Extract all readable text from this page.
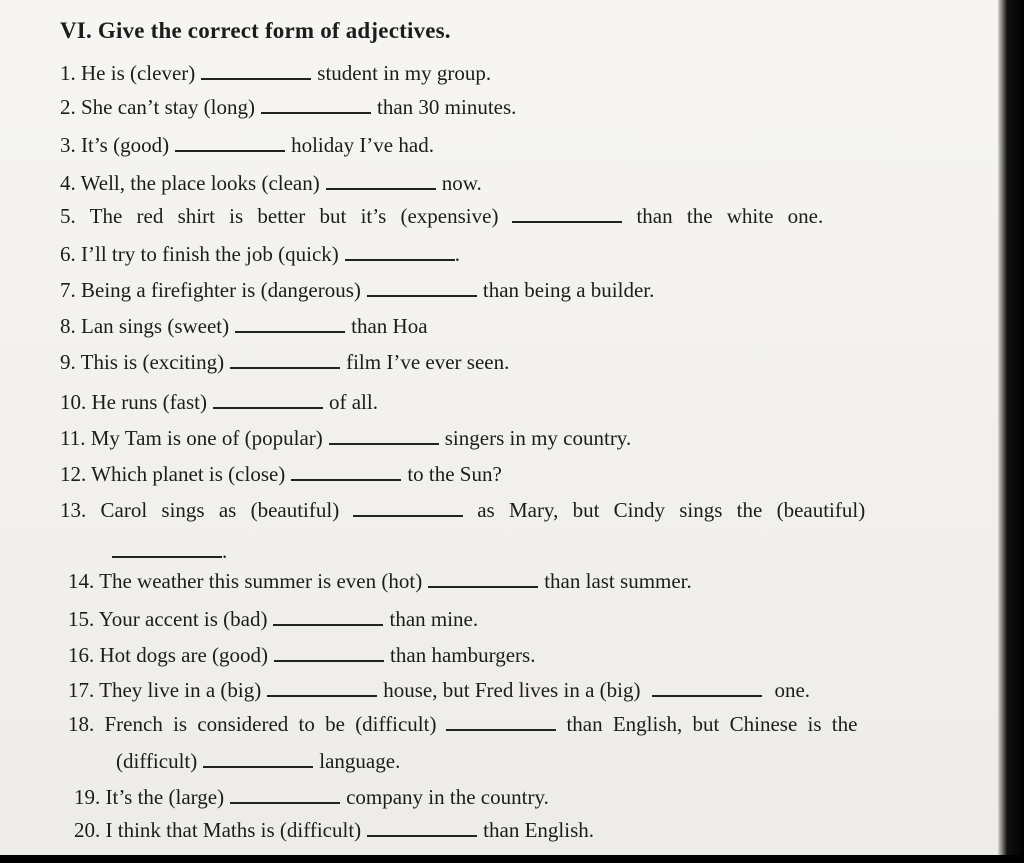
VI. Give the correct form of adjectives.
1. He is (clever)	student in my group.
2. She can’t stay (long)	than 30 minutes.
3. It’s (good)	holiday I’ve had.
4. Well, the place looks (clean)	now.
5. The red shirt is better but it’s (expensive)	than the white one.
6. I’ll try to finish the job (quick)	.
7. Being a firefighter is (dangerous)	than being a builder.
8. Lan sings (sweet)	than Hoa
9. This is (exciting)	film I’ve ever seen.
10. He runs (fast)	of all.
11. My Tam is one of (popular)	singers in my country.
12. Which planet is (close)	to the Sun?
13. Carol sings as (beautiful)	as Mary, but Cindy sings the (beautiful)
.
14. The weather this summer is even (hot)	than last summer.
15. Your accent is (bad)	than mine.
16. Hot dogs are (good)	than hamburgers.
17. They live in a (big)	house, but Fred lives in a (big)	one.
18. French is considered to be (difficult)	than English, but Chinese is the
(difficult)	language.
19. It’s the (large)	company in the country.
20. I think that Maths is (difficult)	than English.
